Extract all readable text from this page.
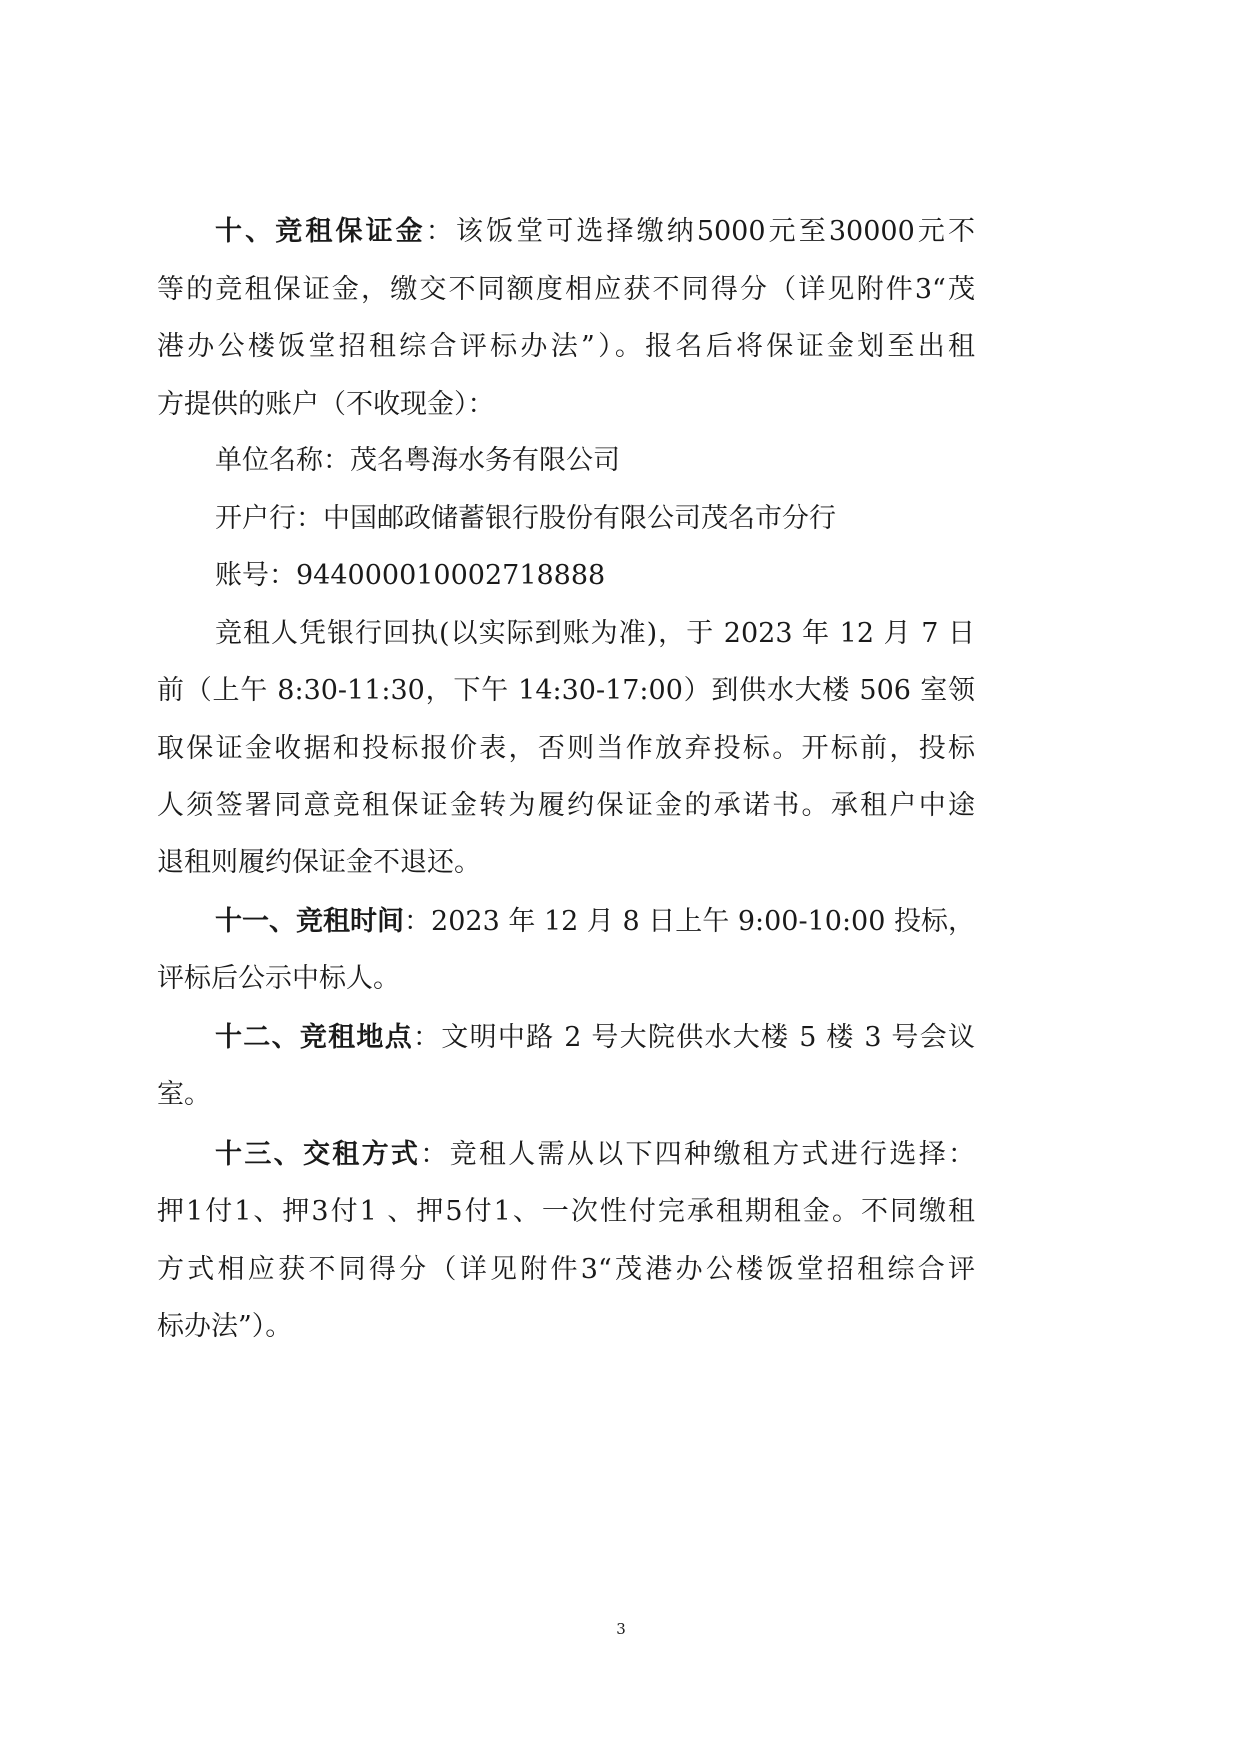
十、竞租保证金：该饭堂可选择缴纳5000元至30000元不
等的竞租保证金，缴交不同额度相应获不同得分（详见附件3“茂
港办公楼饭堂招租综合评标办法”）。报名后将保证金划至出租
方提供的账户（不收现金）：
单位名称：茂名粤海水务有限公司
开户行：中国邮政储蓄银行股份有限公司茂名市分行
账号：944000010002718888
竞租人凭银行回执(以实际到账为准)，于 2023 年 12 月 7 日
前（上午 8:30-11:30，下午 14:30-17:00）到供水大楼 506 室领
取保证金收据和投标报价表，否则当作放弃投标。开标前，投标
人须签署同意竞租保证金转为履约保证金的承诺书。承租户中途
退租则履约保证金不退还。
十一、竞租时间：2023 年 12 月 8 日上午 9:00-10:00 投标，
评标后公示中标人。
十二、竞租地点：文明中路 2 号大院供水大楼 5 楼 3 号会议
室。
十三、交租方式：竞租人需从以下四种缴租方式进行选择：
押1付1、押3付1 、押5付1、一次性付完承租期租金。不同缴租
方式相应获不同得分（详见附件3“茂港办公楼饭堂招租综合评
标办法”）。
3
